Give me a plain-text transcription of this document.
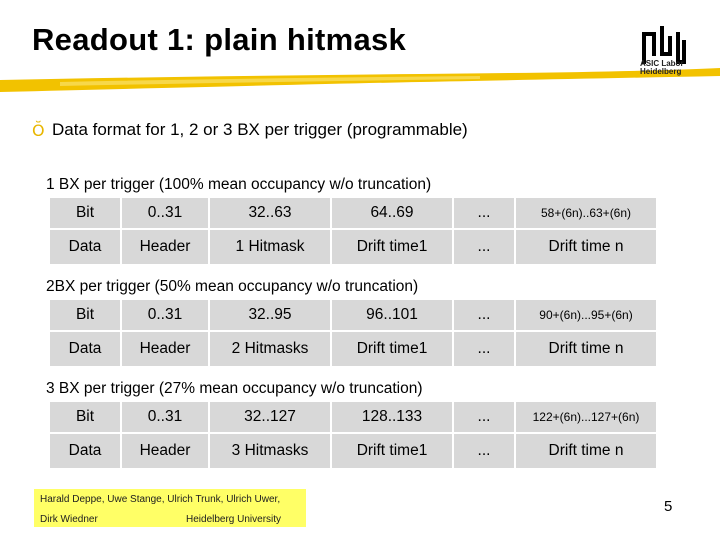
Readout 1: plain hitmask
ASIC Labor
Heidelberg
Ŏ Data format for 1, 2 or 3 BX per trigger (programmable)
1 BX per trigger (100% mean occupancy w/o truncation)
Bit	0..31	32..63	64..69	...	58+(6n)..63+(6n)
Data	Header	1 Hitmask	Drift time1	...	Drift time n
2BX per trigger (50% mean occupancy w/o truncation)
Bit	0..31	32..95	96..101	...	90+(6n)...95+(6n)
Data	Header	2 Hitmasks	Drift time1	...	Drift time n
3 BX per trigger (27% mean occupancy w/o truncation)
Bit	0..31	32..127	128..133	...	122+(6n)...127+(6n)
Data	Header	3 Hitmasks	Drift time1	...	Drift time n
Harald Deppe, Uwe Stange, Ulrich Trunk, Ulrich Uwer,
Dirk Wiedner	Heidelberg University
5
